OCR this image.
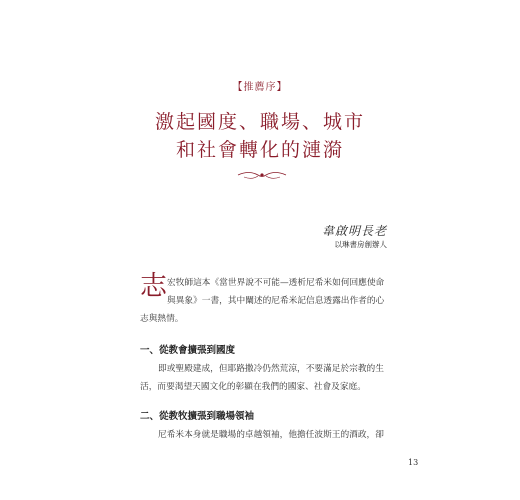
【推薦序】
激起國度、職場、城市
和社會轉化的漣漪
韋啟明長老
以琳書房創辦人
志 宏牧師這本《當世界說不可能—透析尼希米如何回應使命
與異象》一書，其中闡述的尼希米記信息透露出作者的心
志與熱情。
一、從教會擴張到國度
即或聖殿建成，但耶路撒冷仍然荒涼，不要滿足於宗教的生
活，而要渴望天國文化的彰顯在我們的國家、社會及家庭。
二、從教牧擴張到職場領袖
尼希米本身就是職場的卓越領袖，他擔任波斯王的酒政，卻
13
